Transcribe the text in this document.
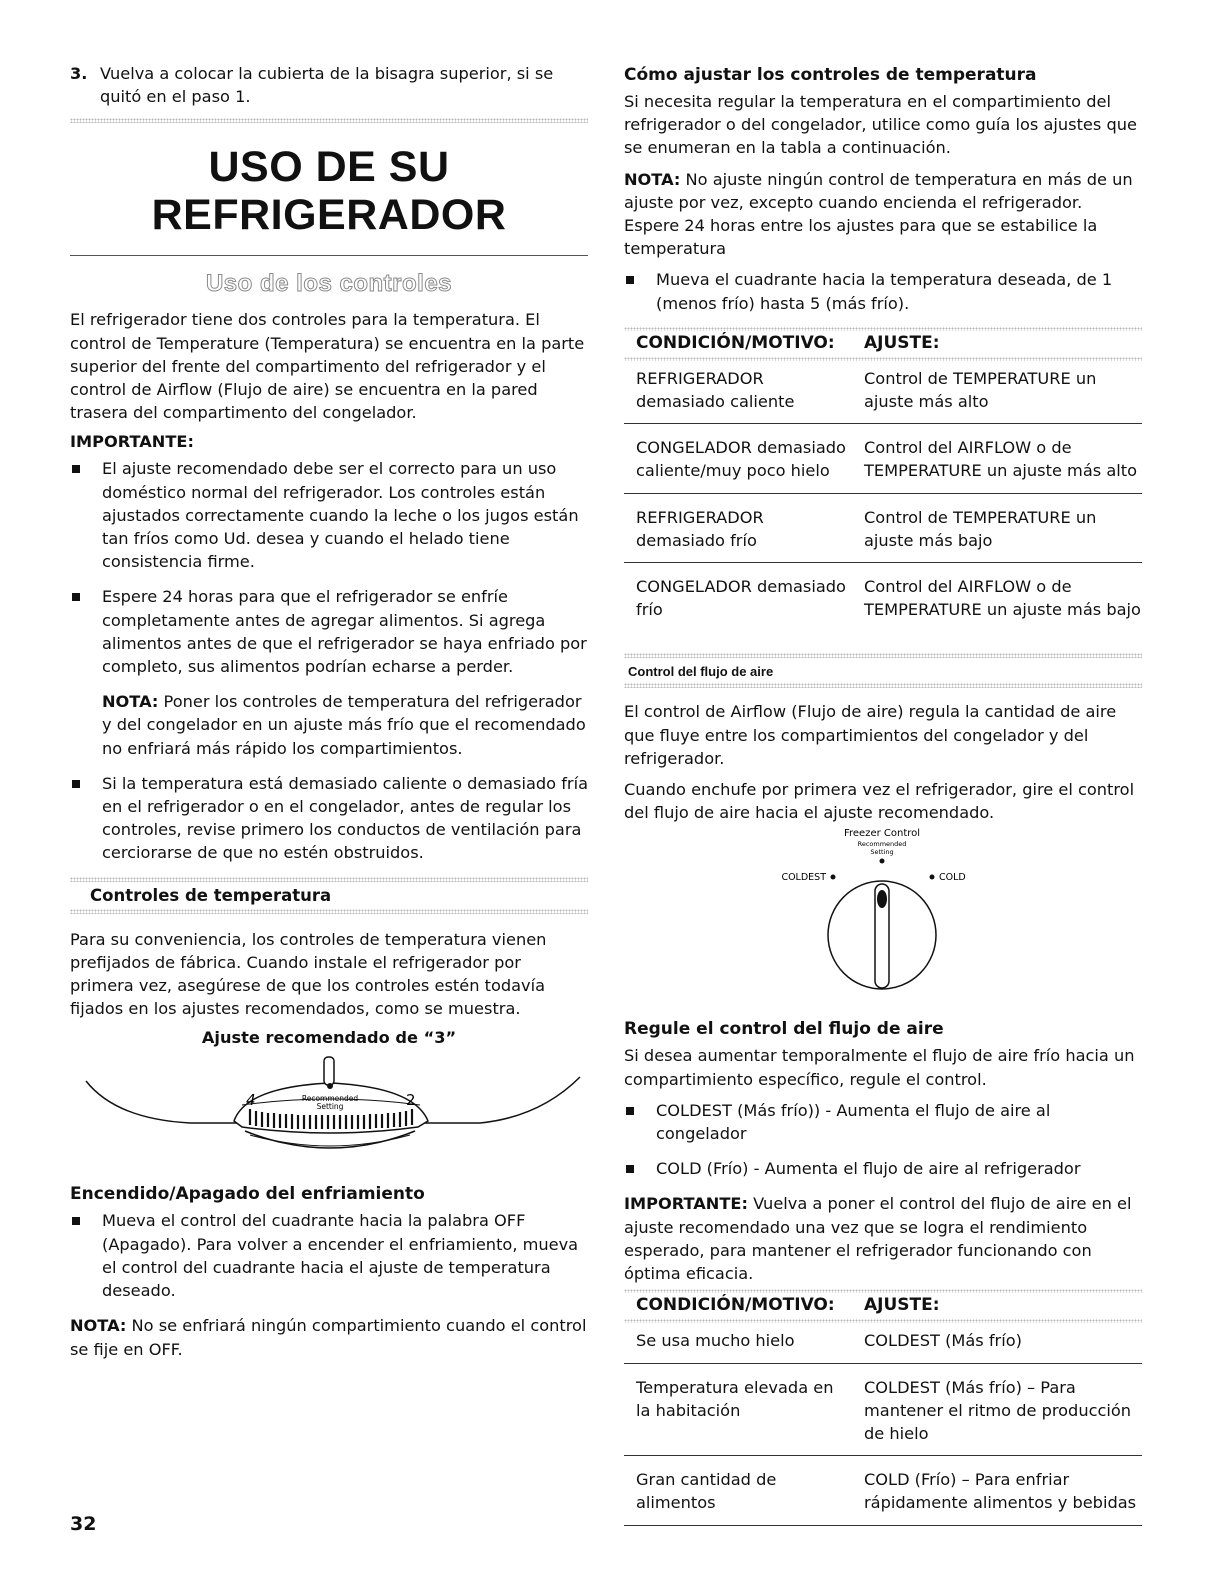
3. Vuelva a colocar la cubierta de la bisagra superior, si se quitó en el paso 1.
USO DE SU REFRIGERADOR
Uso de los controles

El refrigerador tiene dos controles para la temperatura. El control de Temperature (Temperatura) se encuentra en la parte superior del frente del compartimento del refrigerador y el control de Airflow (Flujo de aire) se encuentra en la pared trasera del compartimento del congelador.

IMPORTANTE:
El ajuste recomendado debe ser el correcto para un uso doméstico normal del refrigerador. Los controles están ajustados correctamente cuando la leche o los jugos están tan fríos como Ud. desea y cuando el helado tiene consistencia firme.
Espere 24 horas para que el refrigerador se enfríe completamente antes de agregar alimentos. Si agrega alimentos antes de que el refrigerador se haya enfriado por completo, sus alimentos podrían echarse a perder.

NOTA: Poner los controles de temperatura del refrigerador y del congelador en un ajuste más frío que el recomendado no enfriará más rápido los compartimientos.

Si la temperatura está demasiado caliente o demasiado fría en el refrigerador o en el congelador, antes de regular los controles, revise primero los conductos de ventilación para cerciorarse de que no estén obstruidos.
Controles de temperatura

Para su conveniencia, los controles de temperatura vienen prefijados de fábrica. Cuando instale el refrigerador por primera vez, asegúrese de que los controles estén todavía fijados en los ajustes recomendados, como se muestra.

Ajuste recomendado de “3”
4	2
Recommended
Setting
Encendido/Apagado del enfriamiento
Mueva el control del cuadrante hacia la palabra OFF (Apagado). Para volver a encender el enfriamiento, mueva el control del cuadrante hacia el ajuste de temperatura deseado.

NOTA: No se enfriará ningún compartimiento cuando el control se fije en OFF.

Cómo ajustar los controles de temperatura

Si necesita regular la temperatura en el compartimiento del refrigerador o del congelador, utilice como guía los ajustes que se enumeran en la tabla a continuación.

NOTA: No ajuste ningún control de temperatura en más de un ajuste por vez, excepto cuando encienda el refrigerador. Espere 24 horas entre los ajustes para que se estabilice la temperatura

Mueva el cuadrante hacia la temperatura deseada, de 1 (menos frío) hasta 5 (más frío).
CONDICIÓN/MOTIVO:	AJUSTE:

REFRIGERADOR demasiado caliente	Control de TEMPERATURE un ajuste más alto
CONGELADOR demasiado caliente/muy poco hielo	Control del AIRFLOW o de TEMPERATURE un ajuste más alto
REFRIGERADOR demasiado frío	Control de TEMPERATURE un ajuste más bajo
CONGELADOR demasiado frío	Control del AIRFLOW o de TEMPERATURE un ajuste más bajo
Control del flujo de aire

El control de Airflow (Flujo de aire) regula la cantidad de aire que fluye entre los compartimientos del congelador y del refrigerador.

Cuando enchufe por primera vez el refrigerador, gire el control del flujo de aire hacia el ajuste recomendado.

Freezer Control
Recommended
Setting
COLDEST	COLD
Regule el control del flujo de aire

Si desea aumentar temporalmente el flujo de aire frío hacia un compartimiento específico, regule el control.

COLDEST (Más frío)) - Aumenta el flujo de aire al congelador
COLD (Frío) - Aumenta el flujo de aire al refrigerador

IMPORTANTE: Vuelva a poner el control del flujo de aire en el ajuste recomendado una vez que se logra el rendimiento esperado, para mantener el refrigerador funcionando con óptima eficacia.

CONDICIÓN/MOTIVO:	AJUSTE:

Se usa mucho hielo	COLDEST (Más frío)
Temperatura elevada en la habitación	COLDEST (Más frío) – Para mantener el ritmo de producción de hielo
Gran cantidad de alimentos	COLD (Frío) – Para enfriar rápidamente alimentos y bebidas
32
